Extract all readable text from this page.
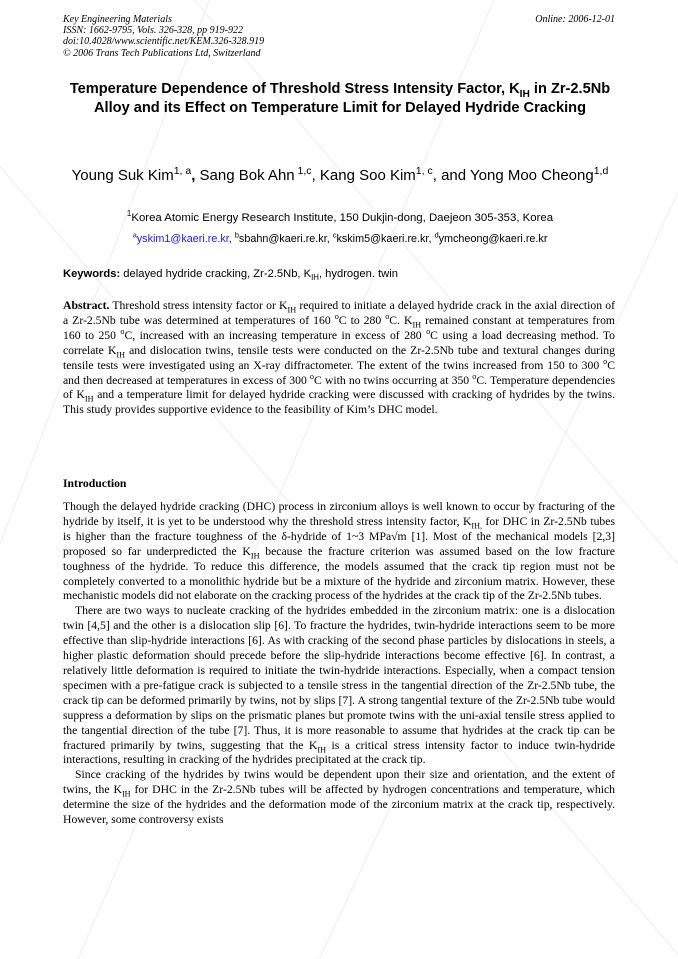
Key Engineering Materials
ISSN: 1662-9795, Vols. 326-328, pp 919-922
doi:10.4028/www.scientific.net/KEM.326-328.919
© 2006 Trans Tech Publications Ltd, Switzerland
Online: 2006-12-01
Temperature Dependence of Threshold Stress Intensity Factor, $K_{IH}$ in Zr-2.5Nb Alloy and its Effect on Temperature Limit for Delayed Hydride Cracking
Young Suk Kim$^{1, a}$, Sang Bok Ahn $^{1,c}$, Kang Soo Kim$^{1, c}$, and Yong Moo Cheong$^{1,d}$
$^1$Korea Atomic Energy Research Institute, 150 Dukjin-dong, Daejeon 305-353, Korea
$^a$yskim1@kaeri.re.kr, $^b$sbahn@kaeri.re.kr, $^c$kskim5@kaeri.re.kr, $^d$ymcheong@kaeri.re.kr
Keywords: delayed hydride cracking, Zr-2.5Nb, $K_{IH}$, hydrogen. twin
Abstract. Threshold stress intensity factor or $K_{IH}$ required to initiate a delayed hydride crack in the axial direction of a Zr-2.5Nb tube was determined at temperatures of 160 $^o$C to 280 $^o$C. $K_{IH}$ remained constant at temperatures from 160 to 250 $^o$C, increased with an increasing temperature in excess of 280 $^o$C using a load decreasing method. To correlate $K_{IH}$ and dislocation twins, tensile tests were conducted on the Zr-2.5Nb tube and textural changes during tensile tests were investigated using an X-ray diffractometer. The extent of the twins increased from 150 to 300 $^o$C and then decreased at temperatures in excess of 300 $^o$C with no twins occurring at 350 $^o$C. Temperature dependencies of $K_{IH}$ and a temperature limit for delayed hydride cracking were discussed with cracking of hydrides by the twins. This study provides supportive evidence to the feasibility of Kim’s DHC model.
Introduction

Though the delayed hydride cracking (DHC) process in zirconium alloys is well known to occur by fracturing of the hydride by itself, it is yet to be understood why the threshold stress intensity factor, $K_{IH,}$ for DHC in Zr-2.5Nb tubes is higher than the fracture toughness of the δ-hydride of 1~3 MPa√m [1]. Most of the mechanical models [2,3] proposed so far underpredicted the $K_{IH}$ because the fracture criterion was assumed based on the low fracture toughness of the hydride. To reduce this difference, the models assumed that the crack tip region must not be completely converted to a monolithic hydride but be a mixture of the hydride and zirconium matrix. However, these mechanistic models did not elaborate on the cracking process of the hydrides at the crack tip of the Zr-2.5Nb tubes.

There are two ways to nucleate cracking of the hydrides embedded in the zirconium matrix: one is a dislocation twin [4,5] and the other is a dislocation slip [6]. To fracture the hydrides, twin-hydride interactions seem to be more effective than slip-hydride interactions [6]. As with cracking of the second phase particles by dislocations in steels, a higher plastic deformation should precede before the slip-hydride interactions become effective [6]. In contrast, a relatively little deformation is required to initiate the twin-hydride interactions. Especially, when a compact tension specimen with a pre-fatigue crack is subjected to a tensile stress in the tangential direction of the Zr-2.5Nb tube, the crack tip can be deformed primarily by twins, not by slips [7]. A strong tangential texture of the Zr-2.5Nb tube would suppress a deformation by slips on the prismatic planes but promote twins with the uni-axial tensile stress applied to the tangential direction of the tube [7]. Thus, it is more reasonable to assume that hydrides at the crack tip can be fractured primarily by twins, suggesting that the $K_{IH}$ is a critical stress intensity factor to induce twin-hydride interactions, resulting in cracking of the hydrides precipitated at the crack tip.

Since cracking of the hydrides by twins would be dependent upon their size and orientation, and the extent of twins, the $K_{IH}$ for DHC in the Zr-2.5Nb tubes will be affected by hydrogen concentrations and temperature, which determine the size of the hydrides and the deformation mode of the zirconium matrix at the crack tip, respectively. However, some controversy exists
